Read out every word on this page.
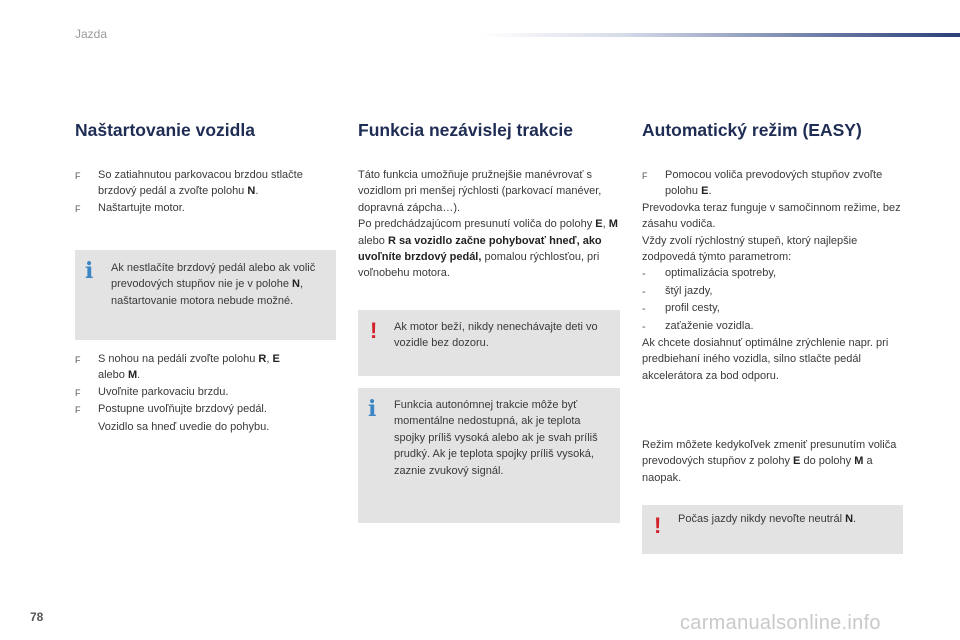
Jazda
78	carmanualsonline.info
Naštartovanie vozidla
F	So zatiahnutou parkovacou brzdou stlačte brzdový pedál a zvoľte polohu N.
F	Naštartujte motor.
i Ak nestlačíte brzdový pedál alebo ak volič prevodových stupňov nie je v polohe N, naštartovanie motora nebude možné.
F	S nohou na pedáli zvoľte polohu R, E
alebo M.
F	Uvoľnite parkovaciu brzdu.
F	Postupne uvoľňujte brzdový pedál.
Vozidlo sa hneď uvedie do pohybu.
Funkcia nezávislej trakcie
Táto funkcia umožňuje pružnejšie manévrovať s vozidlom pri menšej rýchlosti (parkovací manéver, dopravná zápcha…).
Po predchádzajúcom presunutí voliča do polohy E, M alebo R sa vozidlo začne pohybovať hneď, ako uvoľníte brzdový pedál, pomalou rýchlosťou, pri voľnobehu motora.
! Ak motor beží, nikdy nenechávajte deti vo vozidle bez dozoru.
i Funkcia autonómnej trakcie môže byť momentálne nedostupná, ak je teplota spojky príliš vysoká alebo ak je svah príliš prudký. Ak je teplota spojky príliš vysoká, zaznie zvukový signál.
Automatický režim (EASY)
F	Pomocou voliča prevodových stupňov zvoľte polohu E.
Prevodovka teraz funguje v samočinnom režime, bez zásahu vodiča.
Vždy zvolí rýchlostný stupeň, ktorý najlepšie zodpovedá týmto parametrom:
-	optimalizácia spotreby,
-	štýl jazdy,
-	profil cesty,
-	zaťaženie vozidla.
Ak chcete dosiahnuť optimálne zrýchlenie napr. pri predbiehaní iného vozidla, silno stlačte pedál akcelerátora za bod odporu.
Režim môžete kedykoľvek zmeniť presunutím voliča prevodových stupňov z polohy E do polohy M a naopak.
! Počas jazdy nikdy nevoľte neutrál N.
